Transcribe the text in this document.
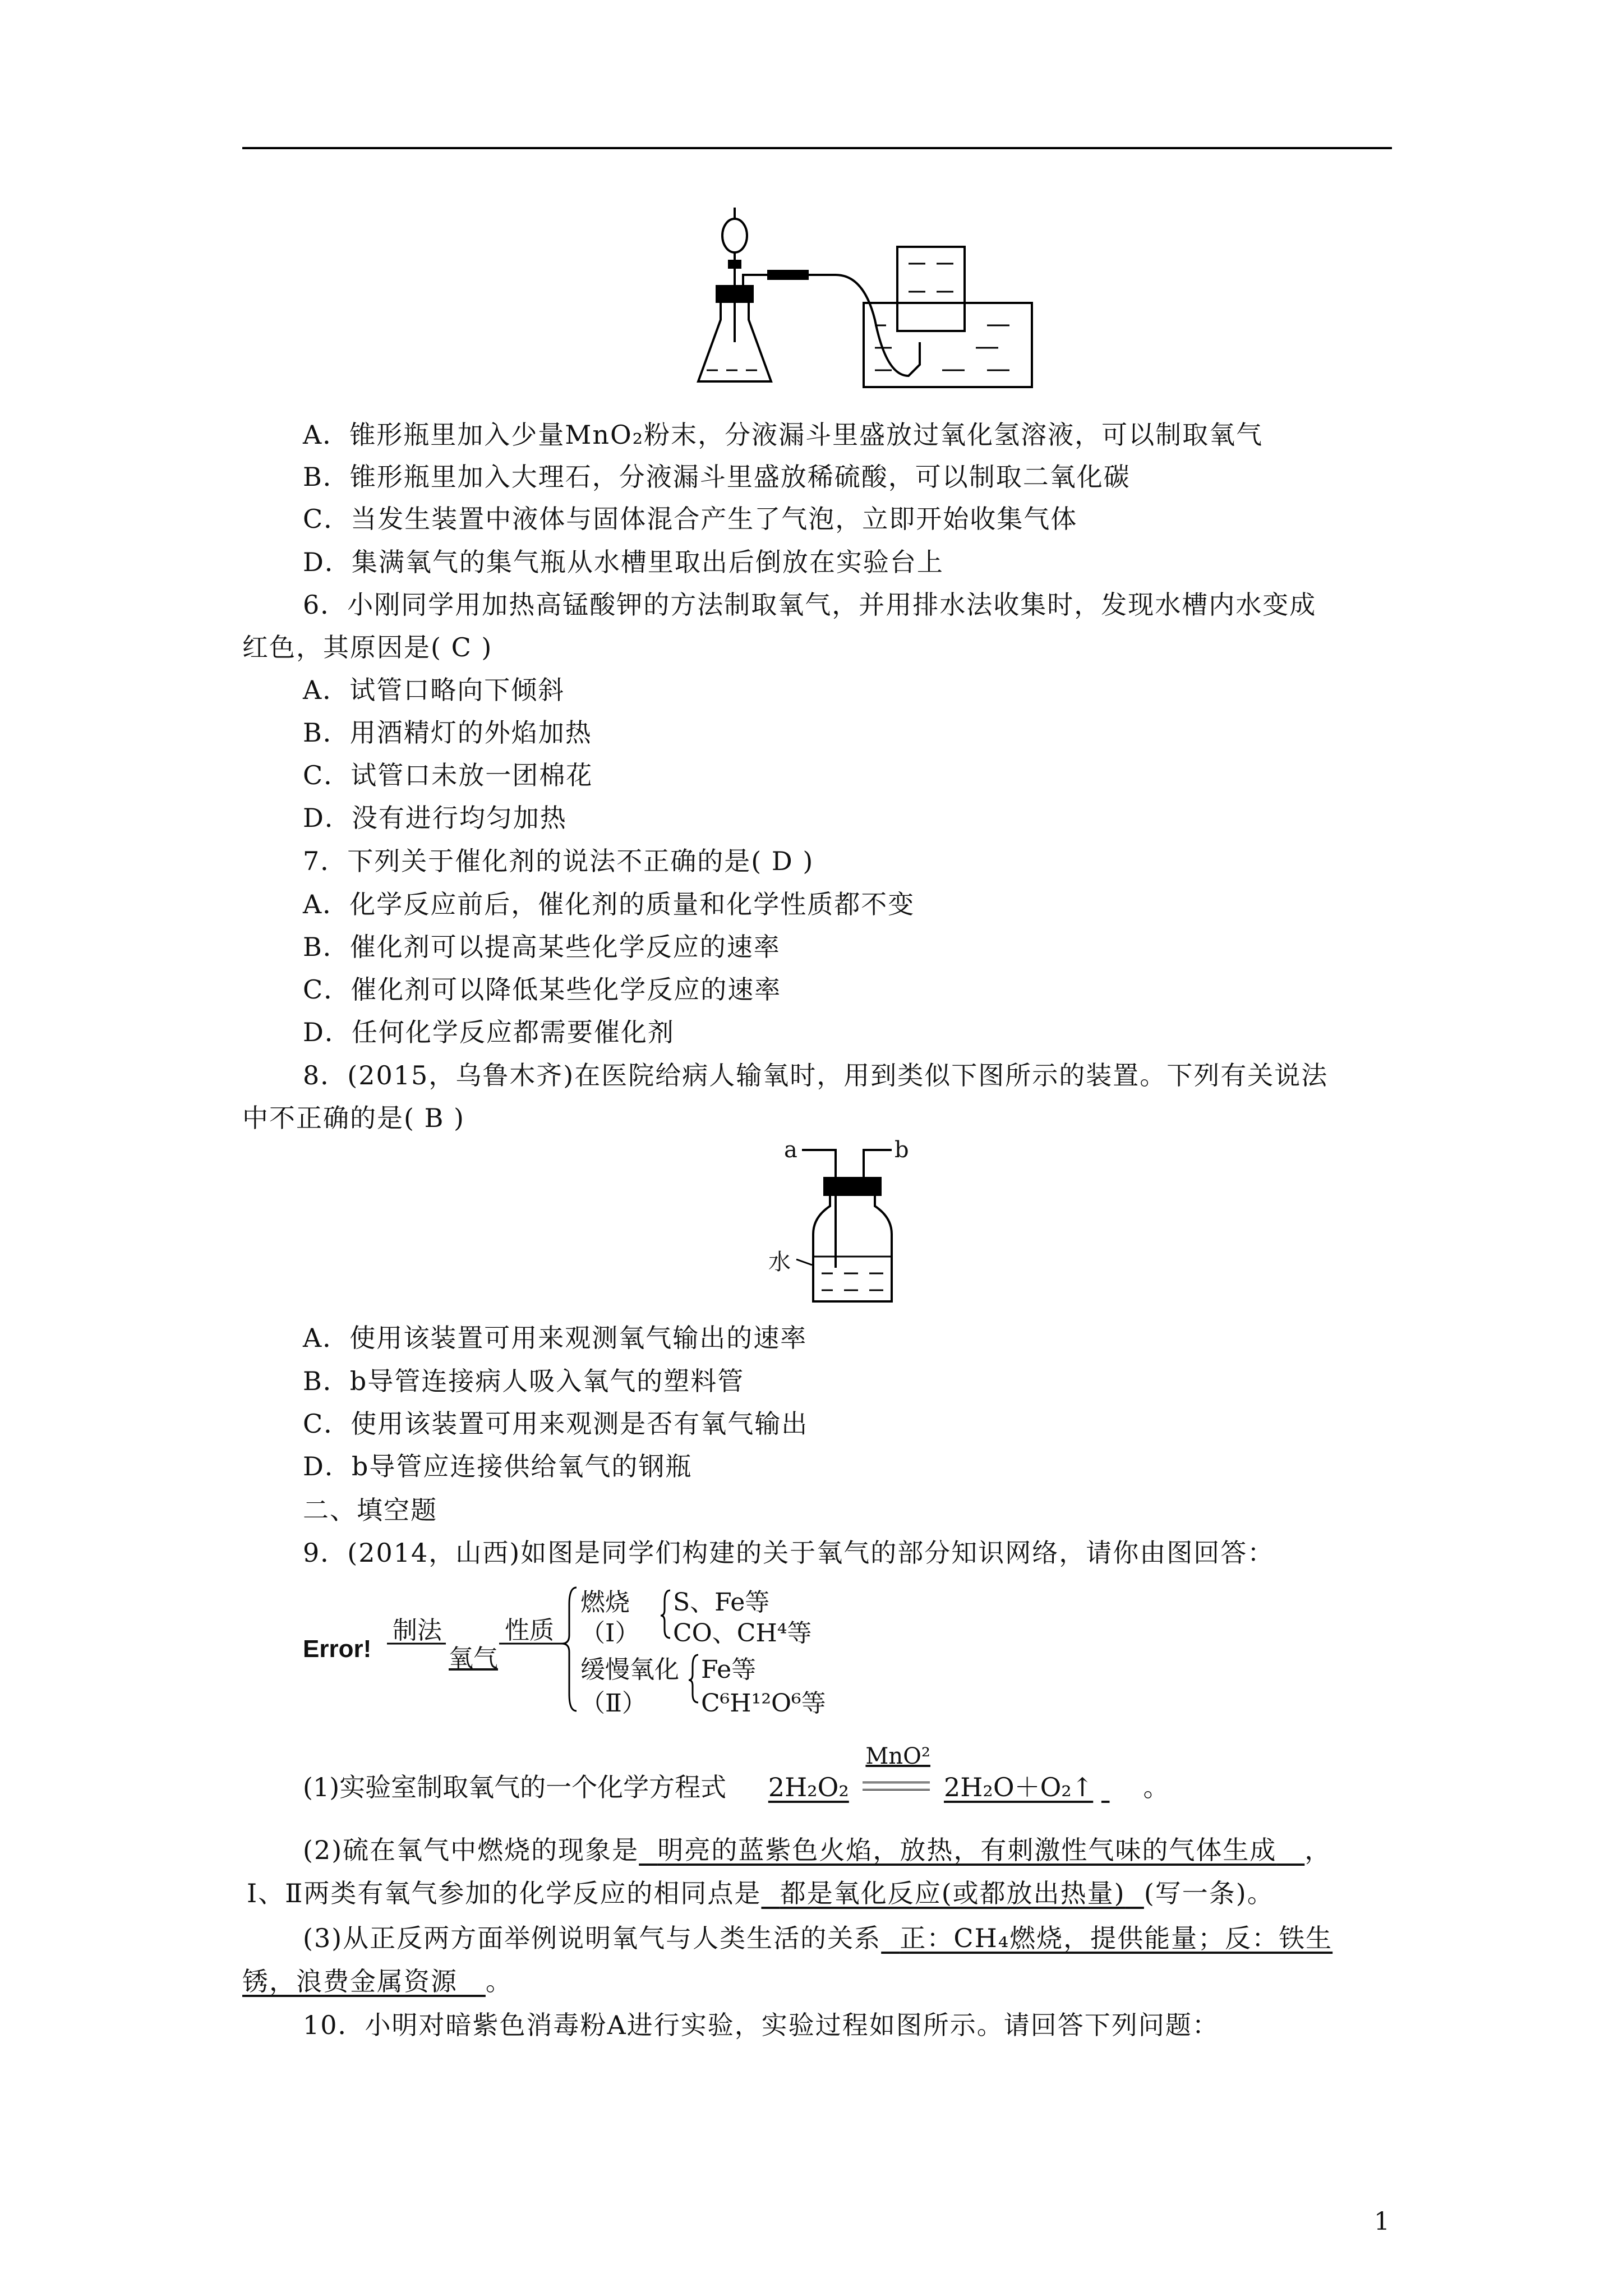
A．锥形瓶里加入少量MnO₂粉末，分液漏斗里盛放过氧化氢溶液，可以制取氧气
B．锥形瓶里加入大理石，分液漏斗里盛放稀硫酸，可以制取二氧化碳
C．当发生装置中液体与固体混合产生了气泡，立即开始收集气体
D．集满氧气的集气瓶从水槽里取出后倒放在实验台上
6．小刚同学用加热高锰酸钾的方法制取氧气，并用排水法收集时，发现水槽内水变成
红色，其原因是( C )
A．试管口略向下倾斜
B．用酒精灯的外焰加热
C．试管口未放一团棉花
D．没有进行均匀加热
7．下列关于催化剂的说法不正确的是( D )
A．化学反应前后，催化剂的质量和化学性质都不变
B．催化剂可以提高某些化学反应的速率
C．催化剂可以降低某些化学反应的速率
D．任何化学反应都需要催化剂
8．(2015，乌鲁木齐)在医院给病人输氧时，用到类似下图所示的装置。下列有关说法
中不正确的是( B )
a	b
水
A．使用该装置可用来观测氧气输出的速率
B．b导管连接病人吸入氧气的塑料管
C．使用该装置可用来观测是否有氧气输出
D．b导管应连接供给氧气的钢瓶
二、填空题
9．(2014，山西)如图是同学们构建的关于氧气的部分知识网络，请你由图回答：
Error!
制法
氧气
性质
燃烧
（Ⅰ）
S、Fe等
CO、CH⁴等
缓慢氧化
（Ⅱ）
Fe等
C⁶H¹²O⁶等
(1)实验室制取氧气的一个化学方程式 2H₂O₂
MnO²
2H₂O＋O₂↑ 。
(2)硫在氧气中燃烧的现象是 明亮的蓝紫色火焰，放热，有刺激性气味的气体生成 ，
Ⅰ、Ⅱ两类有氧气参加的化学反应的相同点是 都是氧化反应(或都放出热量) (写一条)。
(3)从正反两方面举例说明氧气与人类生活的关系 正：CH₄燃烧，提供能量；反：铁生
锈，浪费金属资源 。
10．小明对暗紫色消毒粉A进行实验，实验过程如图所示。请回答下列问题：
1
